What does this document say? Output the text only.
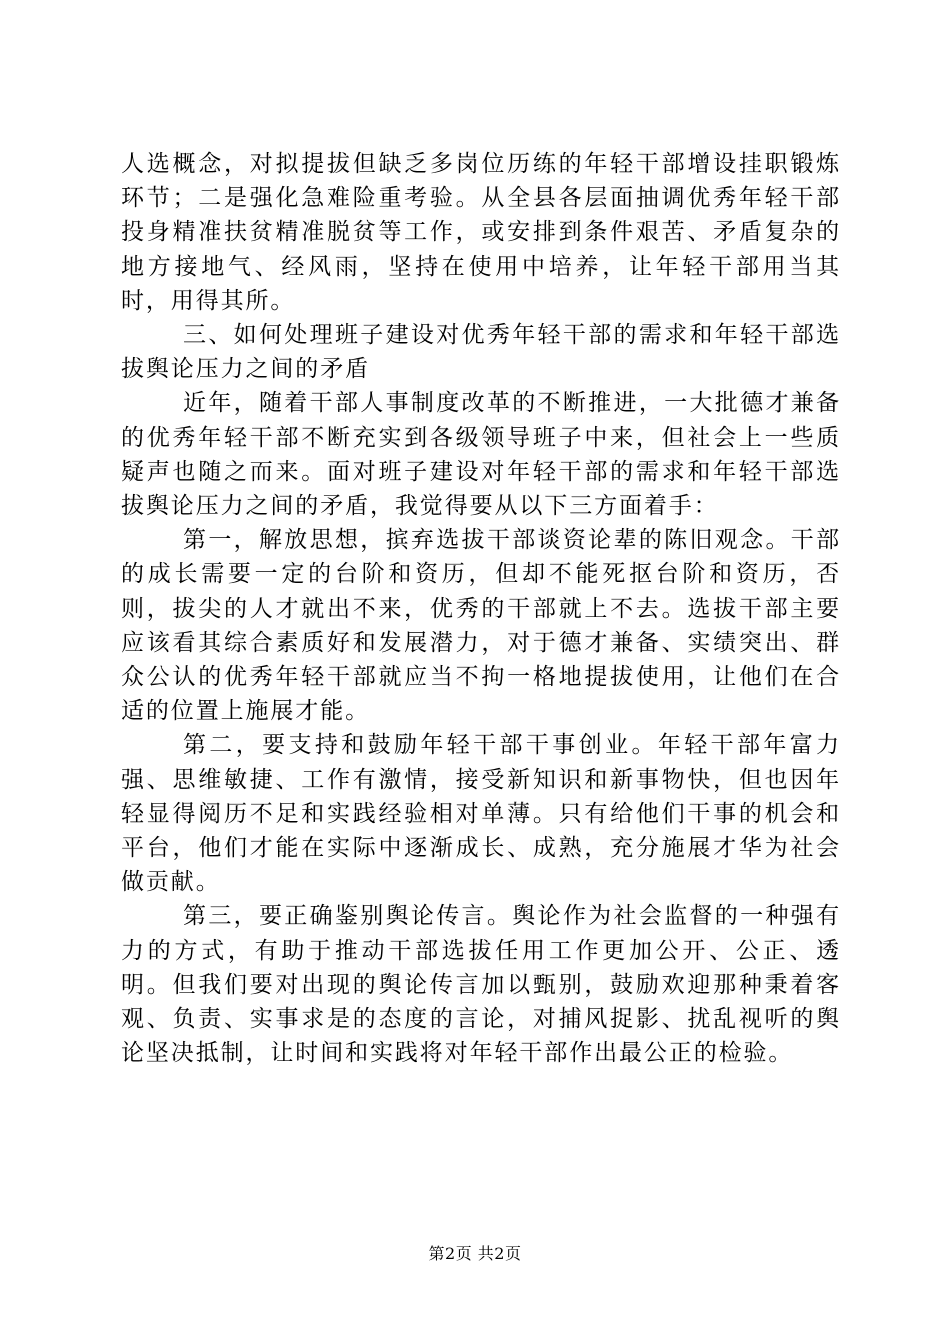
人选概念，对拟提拔但缺乏多岗位历练的年轻干部增设挂职锻炼环节；二是强化急难险重考验。从全县各层面抽调优秀年轻干部投身精准扶贫精准脱贫等工作，或安排到条件艰苦、矛盾复杂的地方接地气、经风雨，坚持在使用中培养，让年轻干部用当其时，用得其所。

三、如何处理班子建设对优秀年轻干部的需求和年轻干部选拔舆论压力之间的矛盾

近年，随着干部人事制度改革的不断推进，一大批德才兼备的优秀年轻干部不断充实到各级领导班子中来，但社会上一些质疑声也随之而来。面对班子建设对年轻干部的需求和年轻干部选拔舆论压力之间的矛盾，我觉得要从以下三方面着手：

第一，解放思想，摈弃选拔干部谈资论辈的陈旧观念。干部的成长需要一定的台阶和资历，但却不能死抠台阶和资历，否则，拔尖的人才就出不来，优秀的干部就上不去。选拔干部主要应该看其综合素质好和发展潜力，对于德才兼备、实绩突出、群众公认的优秀年轻干部就应当不拘一格地提拔使用，让他们在合适的位置上施展才能。

第二，要支持和鼓励年轻干部干事创业。年轻干部年富力强、思维敏捷、工作有激情，接受新知识和新事物快，但也因年轻显得阅历不足和实践经验相对单薄。只有给他们干事的机会和平台，他们才能在实际中逐渐成长、成熟，充分施展才华为社会做贡献。

第三，要正确鉴别舆论传言。舆论作为社会监督的一种强有力的方式，有助于推动干部选拔任用工作更加公开、公正、透明。但我们要对出现的舆论传言加以甄别，鼓励欢迎那种秉着客观、负责、实事求是的态度的言论，对捕风捉影、扰乱视听的舆论坚决抵制，让时间和实践将对年轻干部作出最公正的检验。

第2页 共2页
